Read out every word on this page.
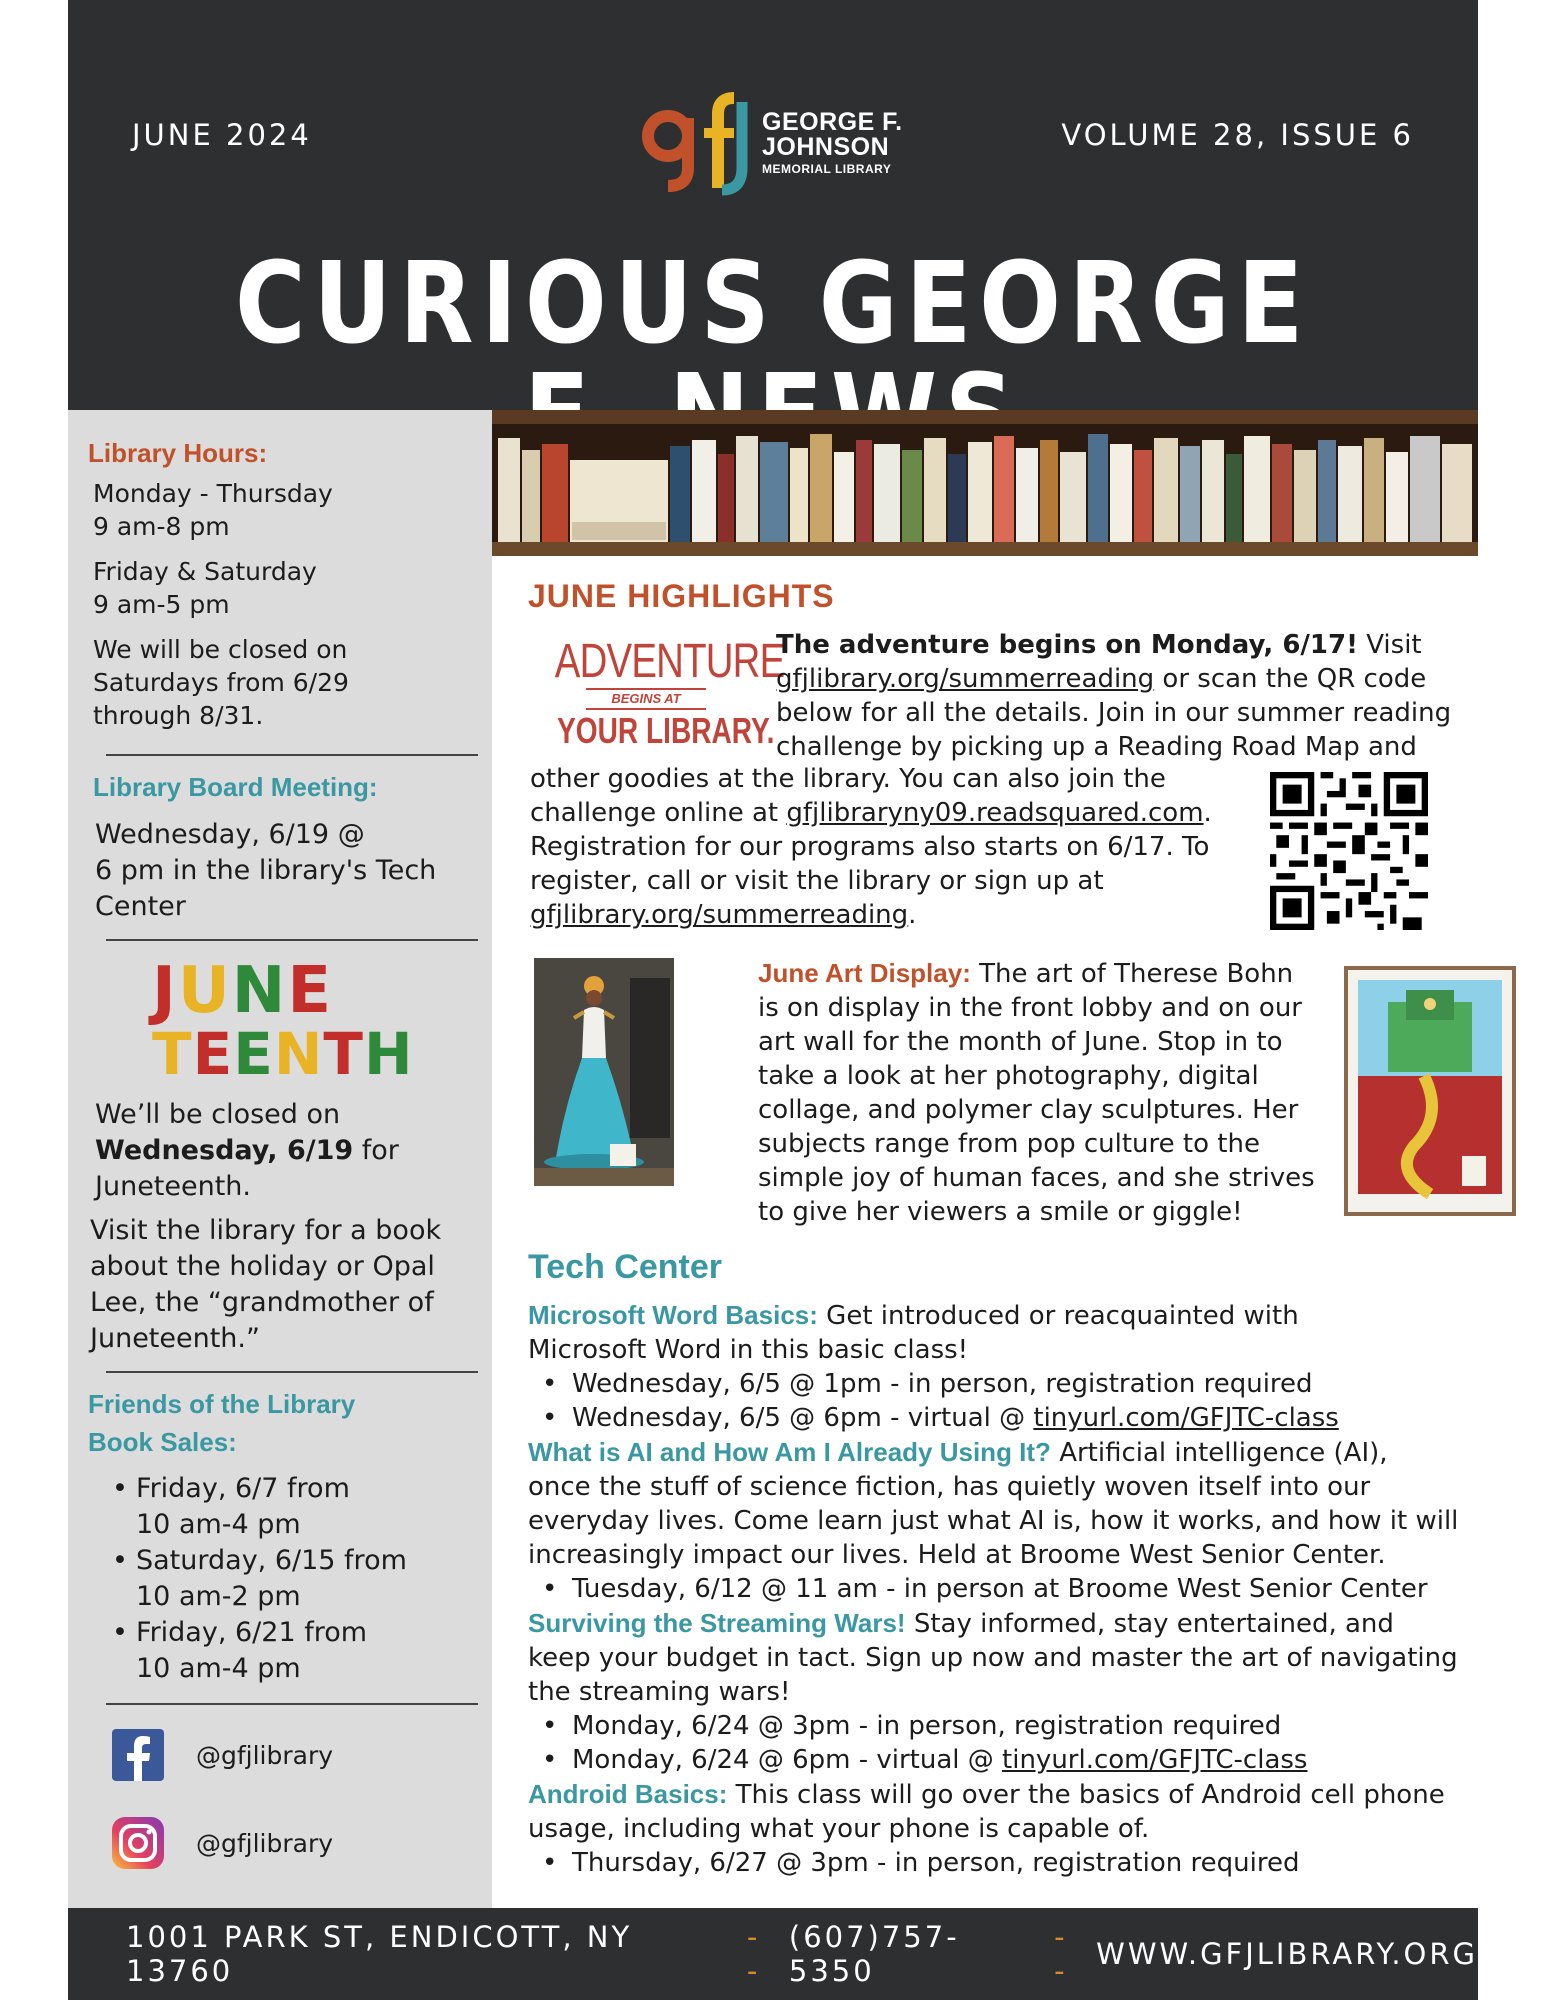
JUNE 2024	GEORGE F.
JOHNSON
MEMORIAL LIBRARY
VOLUME 28, ISSUE 6
CURIOUS GEORGE
Library Hours:
Monday - Thursday
9 am-8 pm
Friday & Saturday
9 am-5 pm
We will be closed on
Saturdays from 6/29
through 8/31.
Library Board Meeting:
Wednesday, 6/19 @
6 pm in the library's Tech
Center
JUNE
TEENTH
We’ll be closed on
Wednesday, 6/19 for
Juneteenth.
Visit the library for a book
about the holiday or Opal
Lee, the “grandmother of
Juneteenth.”
Friends of the Library
Book Sales:
• Friday, 6/7 from
10 am-4 pm
• Saturday, 6/15 from
10 am-2 pm
• Friday, 6/21 from
10 am-4 pm
@gfjlibrary
@gfjlibrary
JUNE HIGHLIGHTS
ADVENTURE
BEGINS AT
YOUR LIBRARY.
The adventure begins on Monday, 6/17! Visit
gfjlibrary.org/summerreading or scan the QR code
below for all the details. Join in our summer reading
challenge by picking up a Reading Road Map and
other goodies at the library. You can also join the
challenge online at gfjlibraryny09.readsquared.com.
Registration for our programs also starts on 6/17. To
register, call or visit the library or sign up at
gfjlibrary.org/summerreading.
June Art Display: The art of Therese Bohn
is on display in the front lobby and on our
art wall for the month of June. Stop in to
take a look at her photography, digital
collage, and polymer clay sculptures. Her
subjects range from pop culture to the
simple joy of human faces, and she strives
to give her viewers a smile or giggle!
Tech Center
Microsoft Word Basics: Get introduced or reacquainted with
Microsoft Word in this basic class!
• Wednesday, 6/5 @ 1pm - in person, registration required
• Wednesday, 6/5 @ 6pm - virtual @ tinyurl.com/GFJTC-class
What is AI and How Am I Already Using It? Artificial intelligence (AI),
once the stuff of science fiction, has quietly woven itself into our
everyday lives. Come learn just what AI is, how it works, and how it will
increasingly impact our lives. Held at Broome West Senior Center.
• Tuesday, 6/12 @ 11 am - in person at Broome West Senior Center
Surviving the Streaming Wars! Stay informed, stay entertained, and
keep your budget in tact. Sign up now and master the art of navigating
the streaming wars!
• Monday, 6/24 @ 3pm - in person, registration required
• Monday, 6/24 @ 6pm - virtual @ tinyurl.com/GFJTC-class
Android Basics: This class will go over the basics of Android cell phone
usage, including what your phone is capable of.
• Thursday, 6/27 @ 3pm - in person, registration required
1001 PARK ST, ENDICOTT, NY 13760
--
(607)757-5350
--	WWW.GFJLIBRARY.ORG
